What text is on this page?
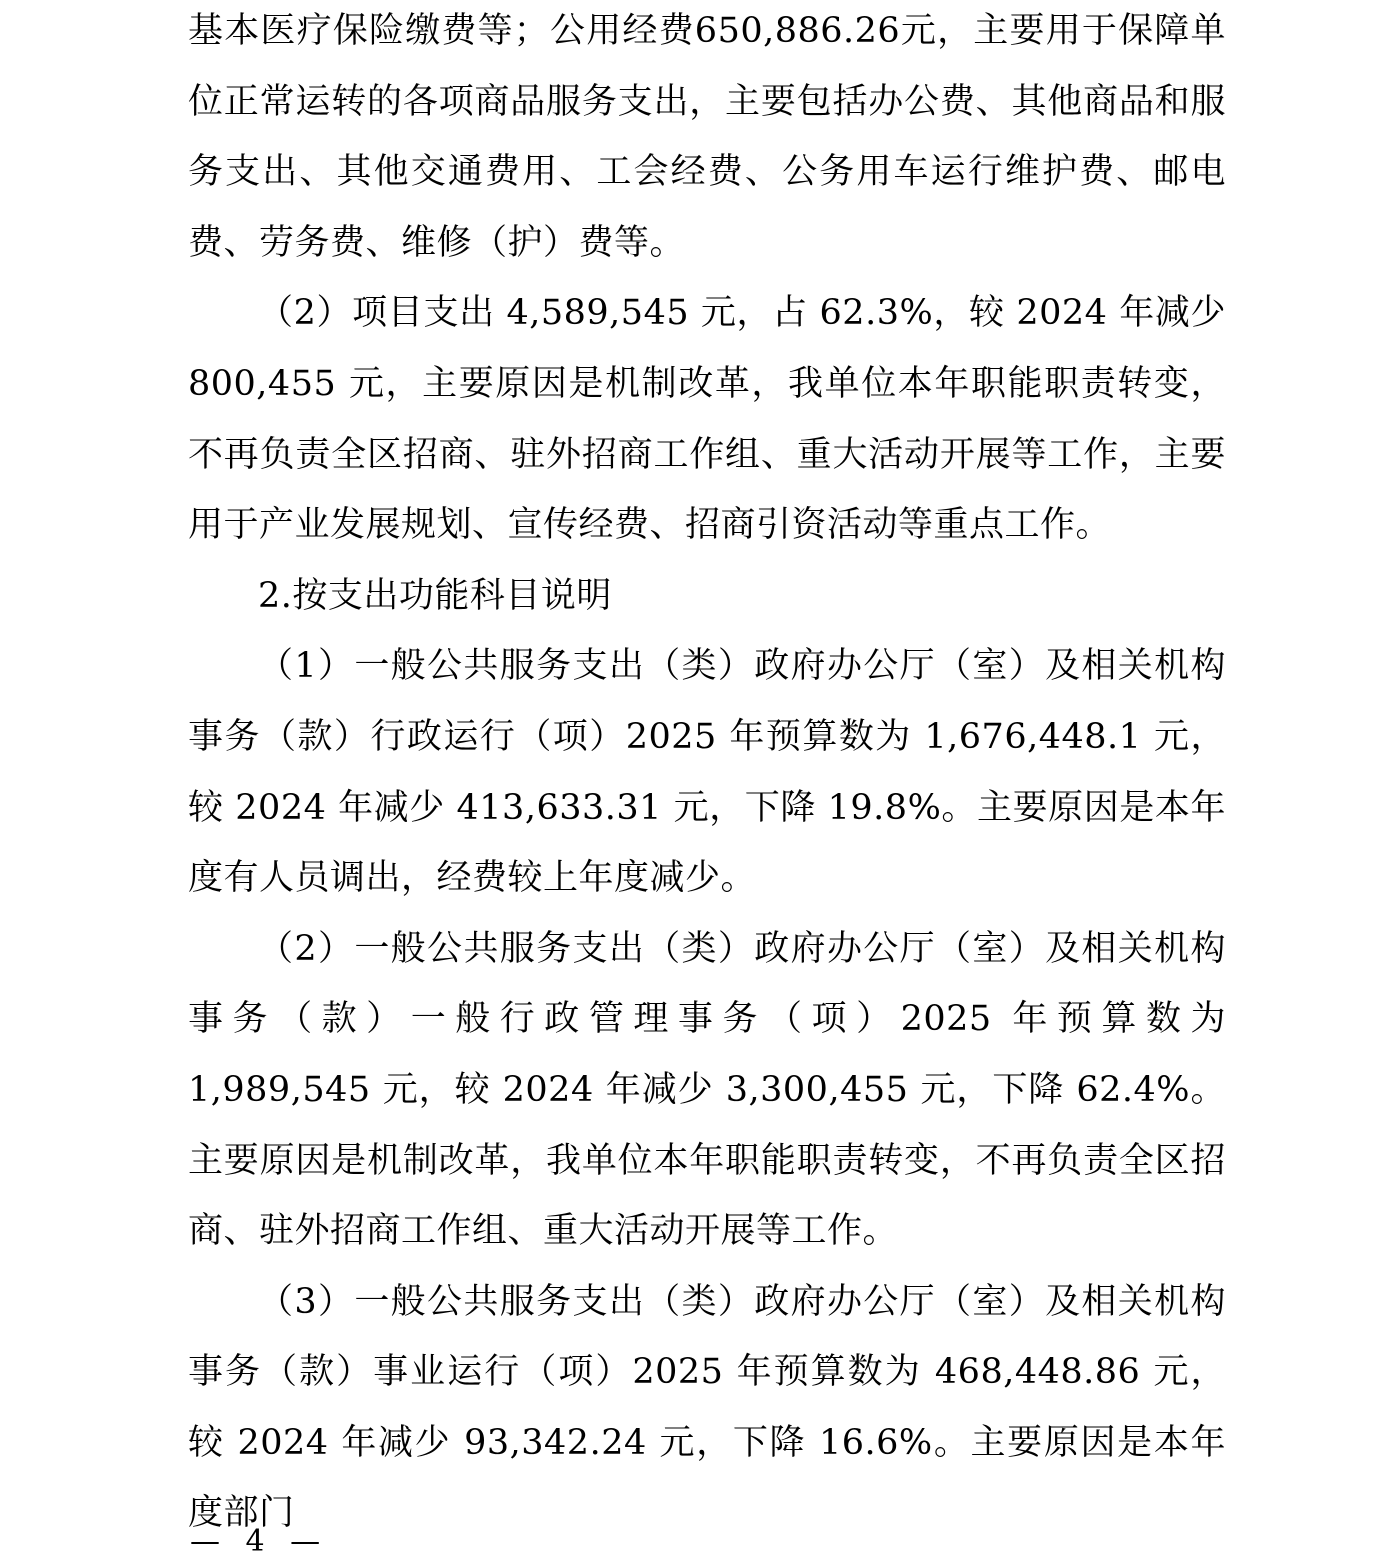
基本医疗保险缴费等；公用经费650,886.26元，主要用于保障单位正常运转的各项商品服务支出，主要包括办公费、其他商品和服务支出、其他交通费用、工会经费、公务用车运行维护费、邮电费、劳务费、维修（护）费等。

（2）项目支出 4,589,545 元，占 62.3%，较 2024 年减少 800,455 元，主要原因是机制改革，我单位本年职能职责转变，不再负责全区招商、驻外招商工作组、重大活动开展等工作，主要用于产业发展规划、宣传经费、招商引资活动等重点工作。

2.按支出功能科目说明

（1）一般公共服务支出（类）政府办公厅（室）及相关机构事务（款）行政运行（项）2025 年预算数为 1,676,448.1 元，较 2024 年减少 413,633.31 元，下降 19.8%。主要原因是本年度有人员调出，经费较上年度减少。

（2）一般公共服务支出（类）政府办公厅（室）及相关机构事务（款）一般行政管理事务（项）2025 年预算数为 1,989,545 元，较 2024 年减少 3,300,455 元，下降 62.4%。主要原因是机制改革，我单位本年职能职责转变，不再负责全区招商、驻外招商工作组、重大活动开展等工作。

（3）一般公共服务支出（类）政府办公厅（室）及相关机构事务（款）事业运行（项）2025 年预算数为 468,448.86 元，较 2024 年减少 93,342.24 元，下降 16.6%。主要原因是本年度部门

— 4 —
